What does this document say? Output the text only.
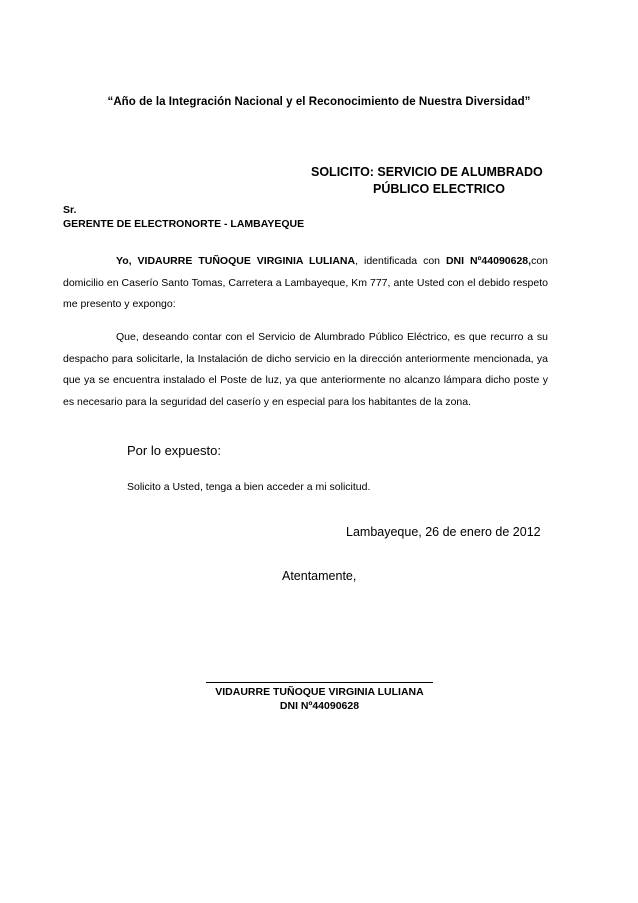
“Año de la Integración Nacional y el Reconocimiento de Nuestra Diversidad”
SOLICITO: SERVICIO DE ALUMBRADO
PÚBLICO ELECTRICO
Sr.
GERENTE DE ELECTRONORTE - LAMBAYEQUE
Yo, VIDAURRE TUÑOQUE VIRGINIA LULIANA, identificada con DNI Nº44090628,con domicilio en Caserío Santo Tomas, Carretera a Lambayeque, Km 777, ante Usted con el debido respeto me presento y expongo:
Que, deseando contar con el Servicio de Alumbrado Público Eléctrico, es que recurro a su despacho para solicitarle, la Instalación de dicho servicio en la dirección anteriormente mencionada, ya que ya se encuentra instalado el Poste de luz, ya que anteriormente no alcanzo lámpara dicho poste y es necesario para la seguridad del caserío y en especial para los habitantes de la zona.
Por lo expuesto:
Solicito a Usted, tenga a bien acceder a mi solicitud.
Lambayeque, 26 de enero de 2012
Atentamente,
VIDAURRE TUÑOQUE VIRGINIA LULIANA
DNI Nº44090628
